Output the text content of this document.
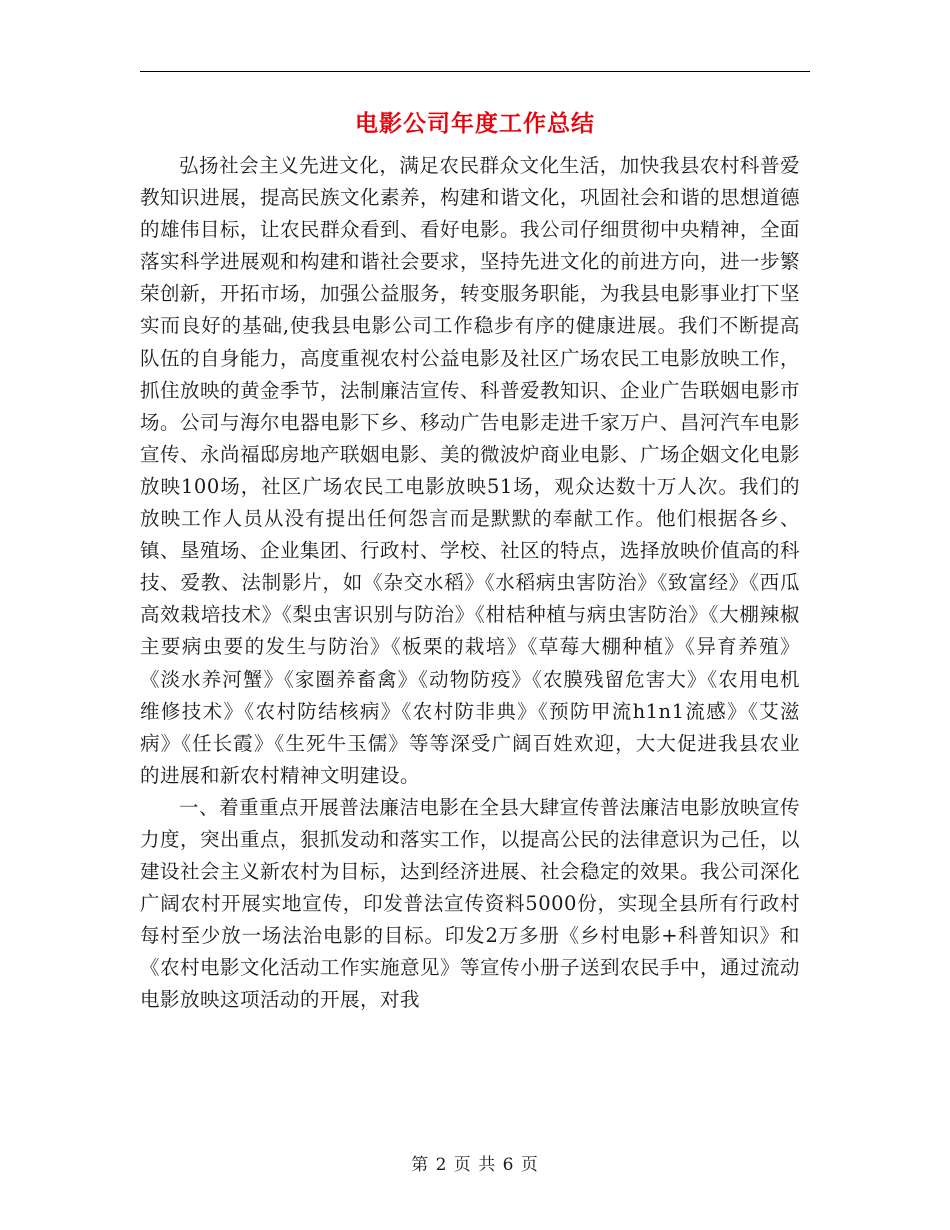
电影公司年度工作总结

弘扬社会主义先进文化，满足农民群众文化生活，加快我县农村科普爱教知识进展，提高民族文化素养，构建和谐文化，巩固社会和谐的思想道德的雄伟目标，让农民群众看到、看好电影。我公司仔细贯彻中央精神，全面落实科学进展观和构建和谐社会要求，坚持先进文化的前进方向，进一步繁荣创新，开拓市场，加强公益服务，转变服务职能，为我县电影事业打下坚实而良好的基础,使我县电影公司工作稳步有序的健康进展。我们不断提高队伍的自身能力，高度重视农村公益电影及社区广场农民工电影放映工作，抓住放映的黄金季节，法制廉洁宣传、科普爱教知识、企业广告联姻电影市场。公司与海尔电器电影下乡、移动广告电影走进千家万户、昌河汽车电影宣传、永尚福邸房地产联姻电影、美的微波炉商业电影、广场企姻文化电影放映100场，社区广场农民工电影放映51场，观众达数十万人次。我们的放映工作人员从没有提出任何怨言而是默默的奉献工作。他们根据各乡、镇、垦殖场、企业集团、行政村、学校、社区的特点，选择放映价值高的科技、爱教、法制影片，如《杂交水稻》《水稻病虫害防治》《致富经》《西瓜高效栽培技术》《梨虫害识别与防治》《柑桔种植与病虫害防治》《大棚辣椒主要病虫要的发生与防治》《板栗的栽培》《草莓大棚种植》《异育养殖》《淡水养河蟹》《家圈养畜禽》《动物防疫》《农膜残留危害大》《农用电机维修技术》《农村防结核病》《农村防非典》《预防甲流h1n1流感》《艾滋病》《任长霞》《生死牛玉儒》等等深受广阔百姓欢迎，大大促进我县农业的进展和新农村精神文明建设。

一、着重重点开展普法廉洁电影在全县大肆宣传普法廉洁电影放映宣传力度，突出重点，狠抓发动和落实工作，以提高公民的法律意识为己任，以建设社会主义新农村为目标，达到经济进展、社会稳定的效果。我公司深化广阔农村开展实地宣传，印发普法宣传资料5000份，实现全县所有行政村每村至少放一场法治电影的目标。印发2万多册《乡村电影+科普知识》和《农村电影文化活动工作实施意见》等宣传小册子送到农民手中，通过流动电影放映这项活动的开展，对我

第 2 页 共 6 页
